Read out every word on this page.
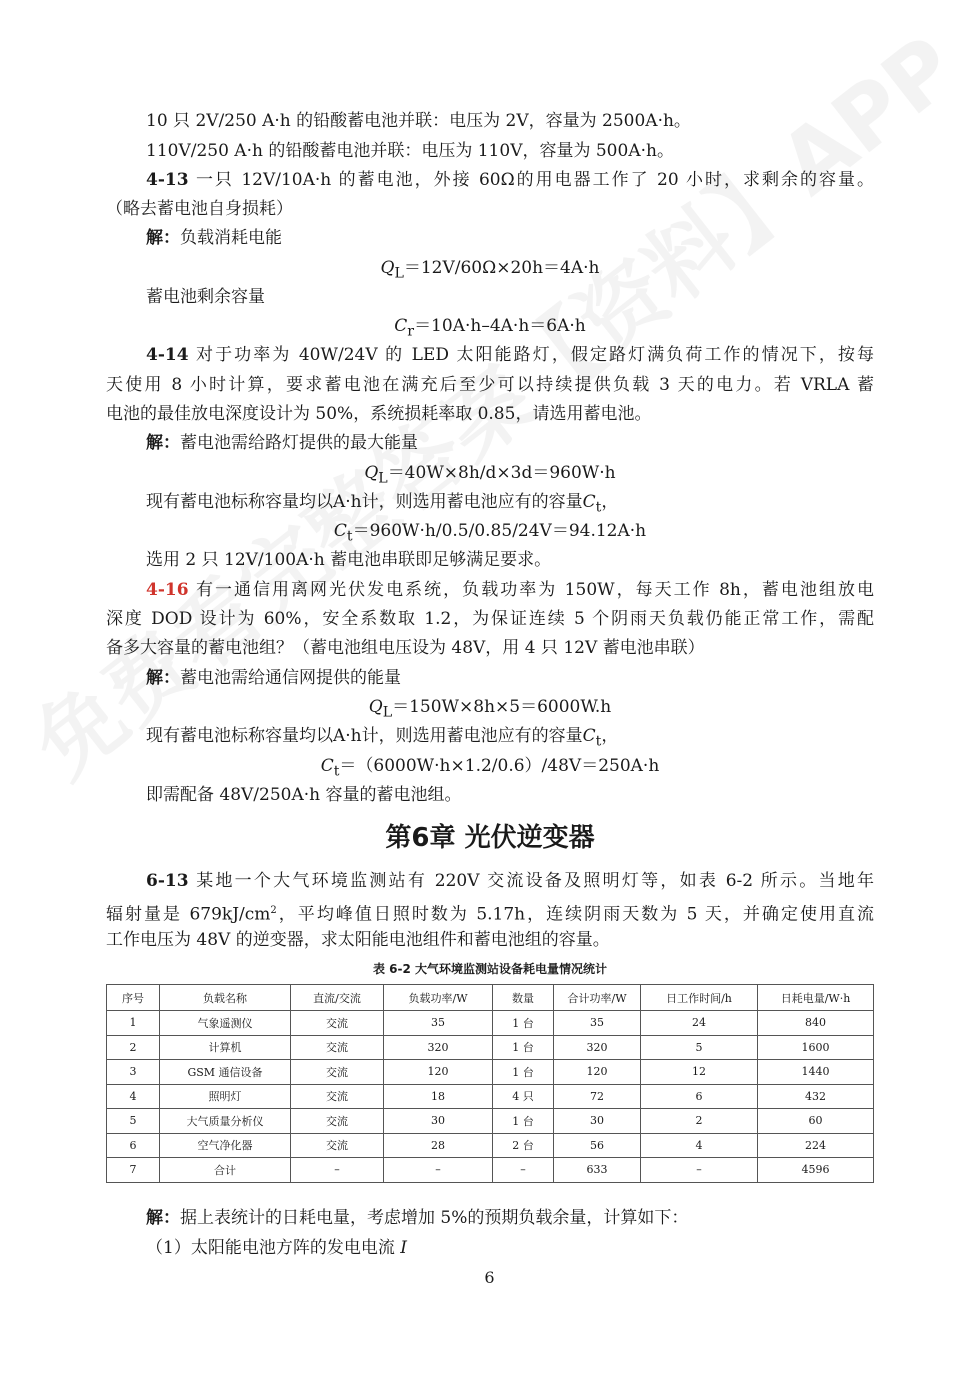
10 只 2V/250 A·h 的铅酸蓄电池并联：电压为 2V，容量为 2500A·h。
110V/250 A·h 的铅酸蓄电池并联：电压为 110V，容量为 500A·h。
4-13 一只 12V/10A·h 的蓄电池，外接 60Ω的用电器工作了 20 小时，求剩余的容量。
（略去蓄电池自身损耗）
解：负载消耗电能
$Q_L=12V/60\Omega\times 20h=4A\cdot h$
蓄电池剩余容量
$C_r=10A\cdot h-4A\cdot h=6A\cdot h$
4-14 对于功率为 40W/24V 的 LED 太阳能路灯，假定路灯满负荷工作的情况下，按每
天使用 8 小时计算，要求蓄电池在满充后至少可以持续提供负载 3 天的电力。若 VRLA 蓄
电池的最佳放电深度设计为 50%，系统损耗率取 0.85，请选用蓄电池。
解：蓄电池需给路灯提供的最大能量
$Q_L=40W\times 8h/d\times 3d=960W\cdot h$
现有蓄电池标称容量均以A·h计，则选用蓄电池应有的容量$C_t$，
$C_t=960W\cdot h/0.5/0.85/24V=94.12A\cdot h$
选用 2 只 12V/100A·h 蓄电池串联即足够满足要求。
4-16 有一通信用离网光伏发电系统，负载功率为 150W，每天工作 8h，蓄电池组放电
深度 DOD 设计为 60%，安全系数取 1.2，为保证连续 5 个阴雨天负载仍能正常工作，需配
备多大容量的蓄电池组？（蓄电池组电压设为 48V，用 4 只 12V 蓄电池串联）
解：蓄电池需给通信网提供的能量
$Q_L=150W\times 8h\times 5=6000W.h$
现有蓄电池标称容量均以A·h计，则选用蓄电池应有的容量$C_t$，
$C_t=(6000W\cdot h\times 1.2/0.6)/48V=250A\cdot h$
即需配备 48V/250A·h 容量的蓄电池组。
第6章 光伏逆变器
6-13 某地一个大气环境监测站有 220V 交流设备及照明灯等，如表 6-2 所示。当地年
辐射量是 $679kJ/cm^2$，平均峰值日照时数为 5.17h，连续阴雨天数为 5 天，并确定使用直流
工作电压为 48V 的逆变器，求太阳能电池组件和蓄电池组的容量。
表 6-2 大气环境监测站设备耗电量情况统计
序号	负载名称	直流/交流	负载功率/W	数量	合计功率/W	日工作时间/h	日耗电量/W·h
1	气象遥测仪	交流	35	1 台	35	24	840
2	计算机	交流	320	1 台	320	5	1600
3	GSM 通信设备	交流	120	1 台	120	12	1440
4	照明灯	交流	18	4 只	72	6	432
5	大气质量分析仪	交流	30	1 台	30	2	60
6	空气净化器	交流	28	2 台	56	4	224
7	合计	–	–	–	633	–	4596
解：据上表统计的日耗电量，考虑增加 5%的预期负载余量，计算如下：
（1）太阳能电池方阵的发电电流 I
6
